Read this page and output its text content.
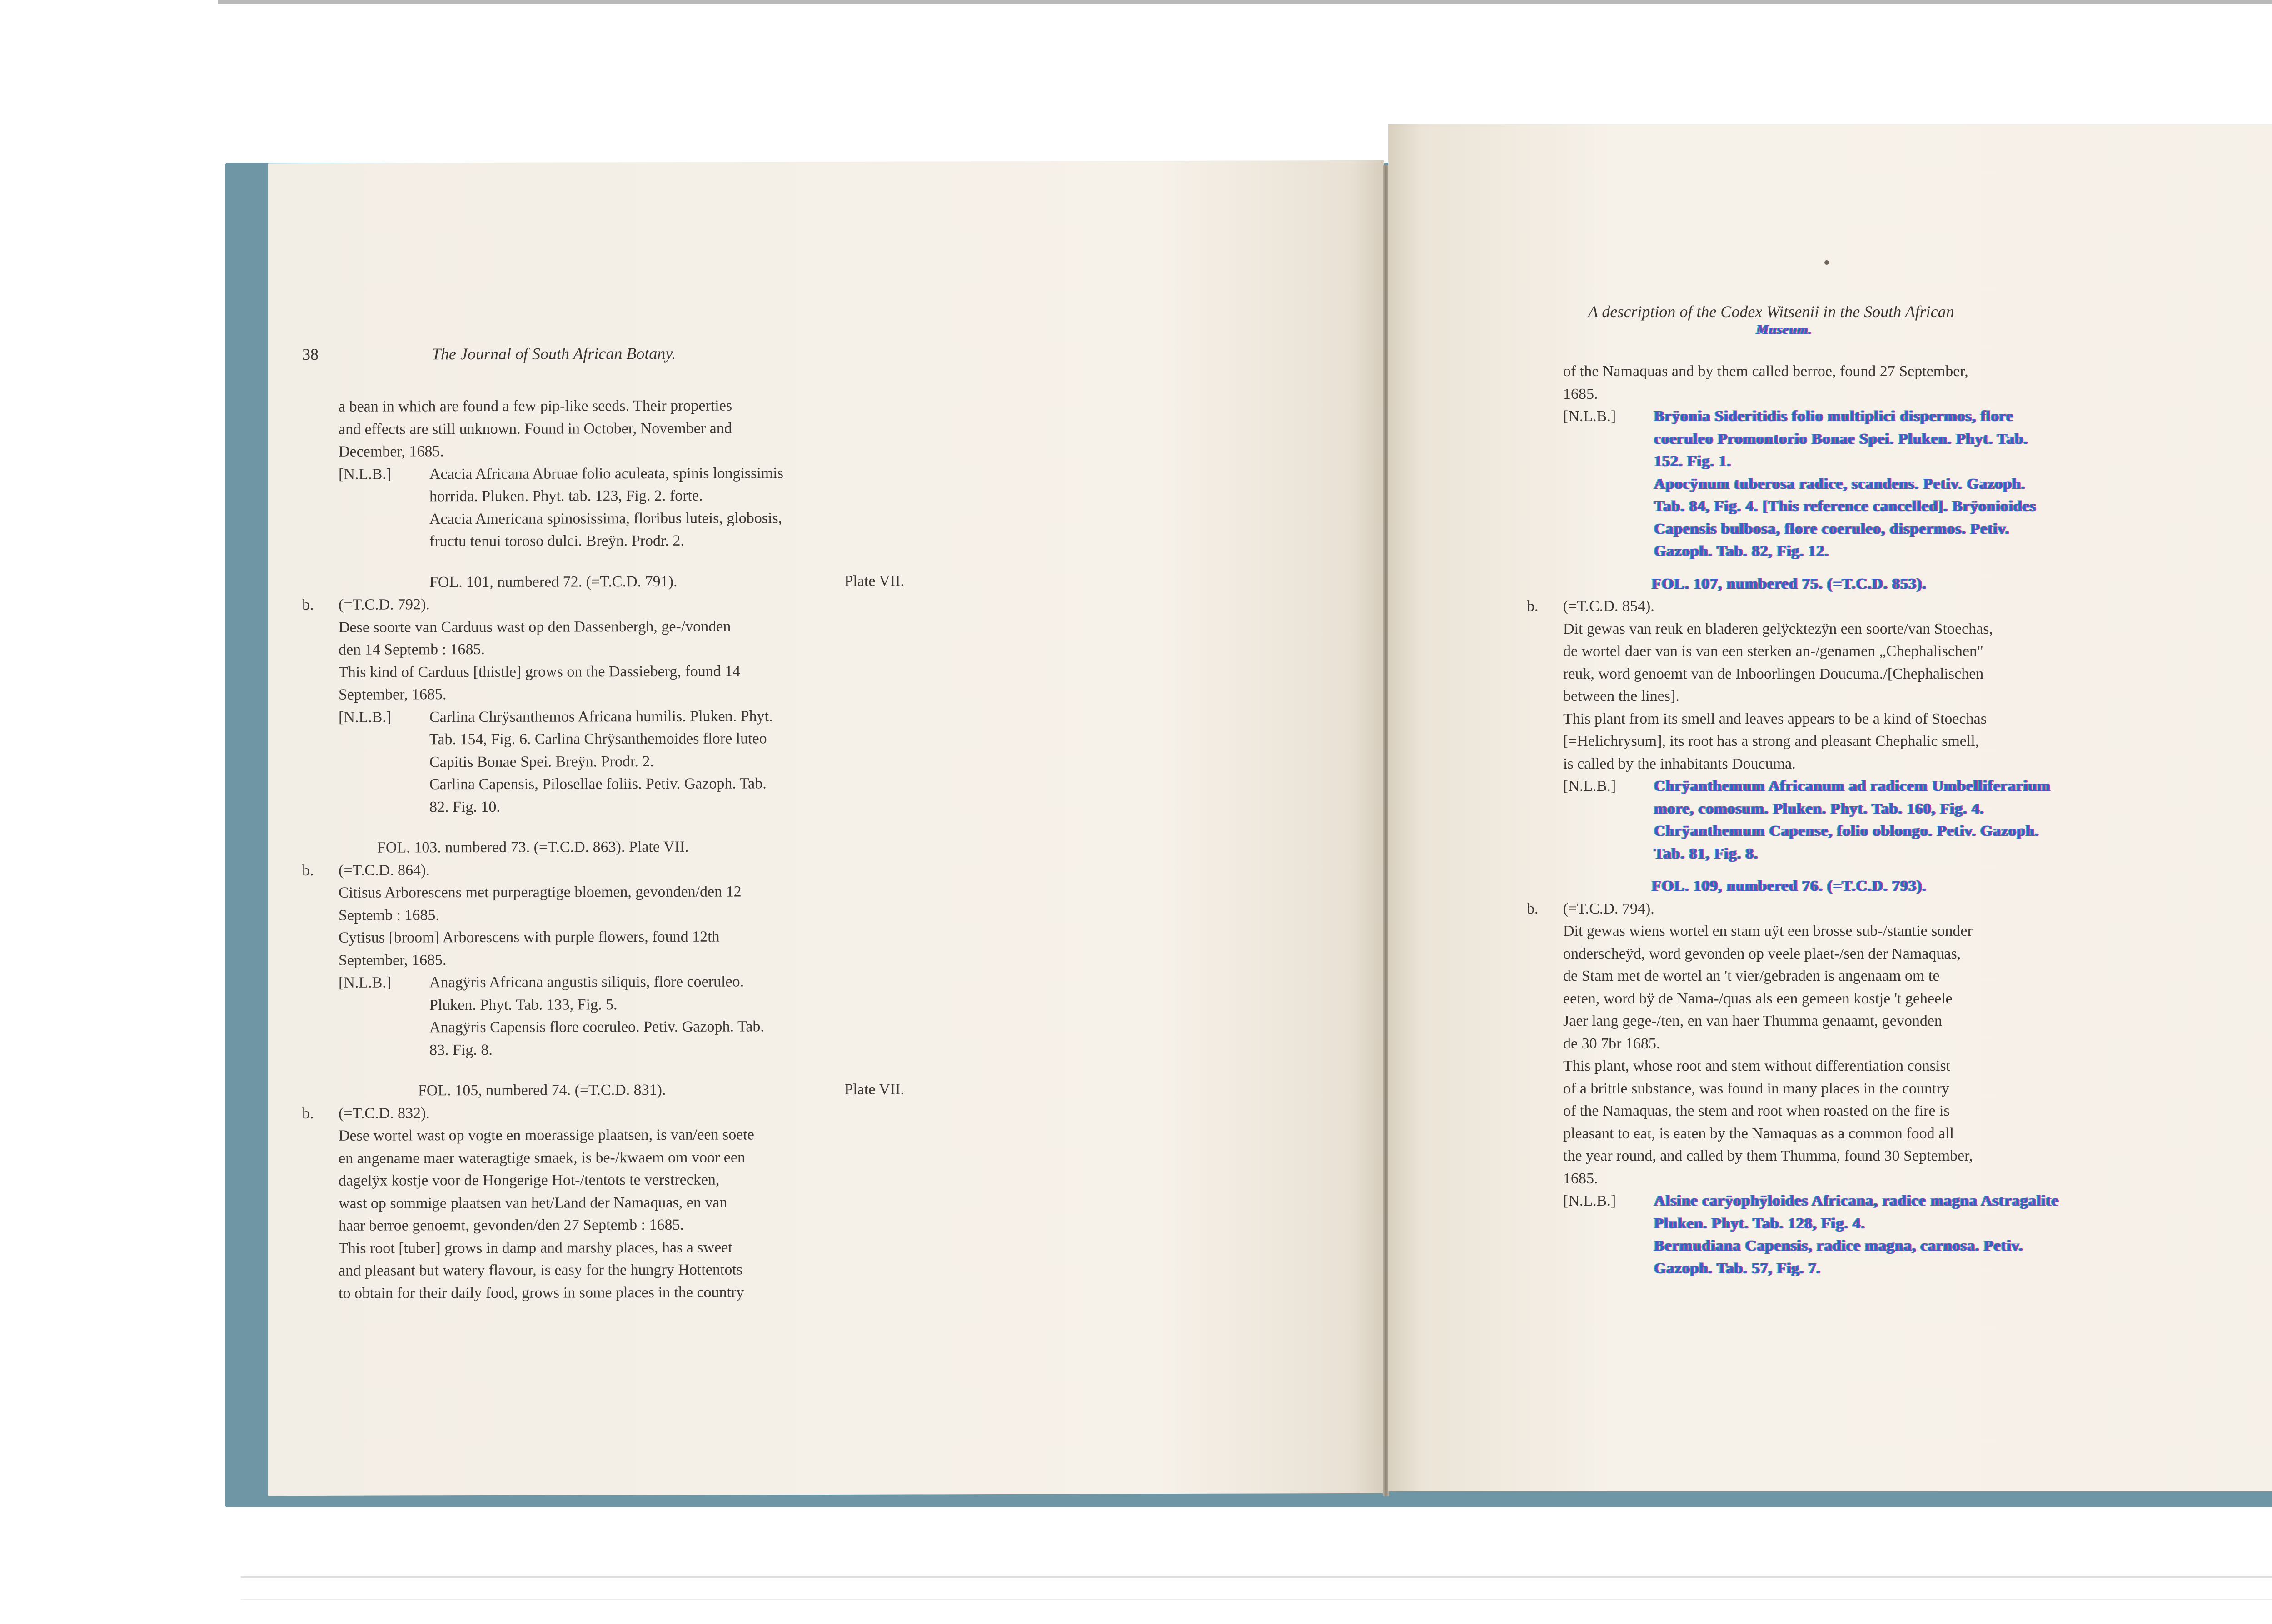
38	The Journal of South African Botany.

a bean in which are found a few pip-like seeds. Their properties

and effects are still unknown. Found in October, November and

December, 1685.

[N.L.B.]	Acacia Africana Abruae folio aculeata, spinis longissimis

horrida. Pluken. Phyt. tab. 123, Fig. 2. forte.

Acacia Americana spinosissima, floribus luteis, globosis,

fructu tenui toroso dulci. Breÿn. Prodr. 2.

FOL. 101, numbered 72. (=T.C.D. 791).	Plate VII.
b. (=T.C.D. 792).

Dese soorte van Carduus wast op den Dassenbergh, ge-/vonden

den 14 Septemb : 1685.

This kind of Carduus [thistle] grows on the Dassieberg, found 14

September, 1685.

[N.L.B.]	Carlina Chrÿsanthemos Africana humilis. Pluken. Phyt.

Tab. 154, Fig. 6. Carlina Chrÿsanthemoides flore luteo

Capitis Bonae Spei. Breÿn. Prodr. 2.

Carlina Capensis, Pilosellae foliis. Petiv. Gazoph. Tab.

82. Fig. 10.

FOL. 103. numbered 73. (=T.C.D. 863). Plate VII.
b. (=T.C.D. 864).

Citisus Arborescens met purperagtige bloemen, gevonden/den 12

Septemb : 1685.

Cytisus [broom] Arborescens with purple flowers, found 12th

September, 1685.

[N.L.B.]	Anagÿris Africana angustis siliquis, flore coeruleo.

Pluken. Phyt. Tab. 133, Fig. 5.

Anagÿris Capensis flore coeruleo. Petiv. Gazoph. Tab.

83. Fig. 8.

FOL. 105, numbered 74. (=T.C.D. 831).	Plate VII.
b. (=T.C.D. 832).

Dese wortel wast op vogte en moerassige plaatsen, is van/een soete

en angename maer wateragtige smaek, is be-/kwaem om voor een

dagelÿx kostje voor de Hongerige Hot-/tentots te verstrecken,

wast op sommige plaatsen van het/Land der Namaquas, en van

haar berroe genoemt, gevonden/den 27 Septemb : 1685.

This root [tuber] grows in damp and marshy places, has a sweet

and pleasant but watery flavour, is easy for the hungry Hottentots

to obtain for their daily food, grows in some places in the country

A description of the Codex Witsenii in the South African
Museum.

of the Namaquas and by them called berroe, found 27 September,

1685.

[N.L.B.]	Brÿonia Sideritidis folio multiplici dispermos, flore

coeruleo Promontorio Bonae Spei. Pluken. Phyt. Tab.

152. Fig. 1.

Apocÿnum tuberosa radice, scandens. Petiv. Gazoph.

Tab. 84, Fig. 4. [This reference cancelled]. Brÿonioides

Capensis bulbosa, flore coeruleo, dispermos. Petiv.

Gazoph. Tab. 82, Fig. 12.

FOL. 107, numbered 75. (=T.C.D. 853).
b. (=T.C.D. 854).

Dit gewas van reuk en bladeren gelÿcktezÿn een soorte/van Stoechas,

de wortel daer van is van een sterken an-/genamen „Chephalischen"

reuk, word genoemt van de Inboorlingen Doucuma./[Chephalischen

between the lines].

This plant from its smell and leaves appears to be a kind of Stoechas

[=Helichrysum], its root has a strong and pleasant Chephalic smell,

is called by the inhabitants Doucuma.

[N.L.B.]	Chrÿanthemum Africanum ad radicem Umbelliferarium

more, comosum. Pluken. Phyt. Tab. 160, Fig. 4.

Chrÿanthemum Capense, folio oblongo. Petiv. Gazoph.

Tab. 81, Fig. 8.

FOL. 109, numbered 76. (=T.C.D. 793).
b. (=T.C.D. 794).

Dit gewas wiens wortel en stam uÿt een brosse sub-/stantie sonder

onderscheÿd, word gevonden op veele plaet-/sen der Namaquas,

de Stam met de wortel an 't vier/gebraden is angenaam om te

eeten, word bÿ de Nama-/quas als een gemeen kostje 't geheele

Jaer lang gege-/ten, en van haer Thumma genaamt, gevonden

de 30 7br 1685.

This plant, whose root and stem without differentiation consist

of a brittle substance, was found in many places in the country

of the Namaquas, the stem and root when roasted on the fire is

pleasant to eat, is eaten by the Namaquas as a common food all

the year round, and called by them Thumma, found 30 September,

1685.

[N.L.B.]	Alsine carÿophÿloides Africana, radice magna Astragalite

Pluken. Phyt. Tab. 128, Fig. 4.

Bermudiana Capensis, radice magna, carnosa. Petiv.

Gazoph. Tab. 57, Fig. 7.
